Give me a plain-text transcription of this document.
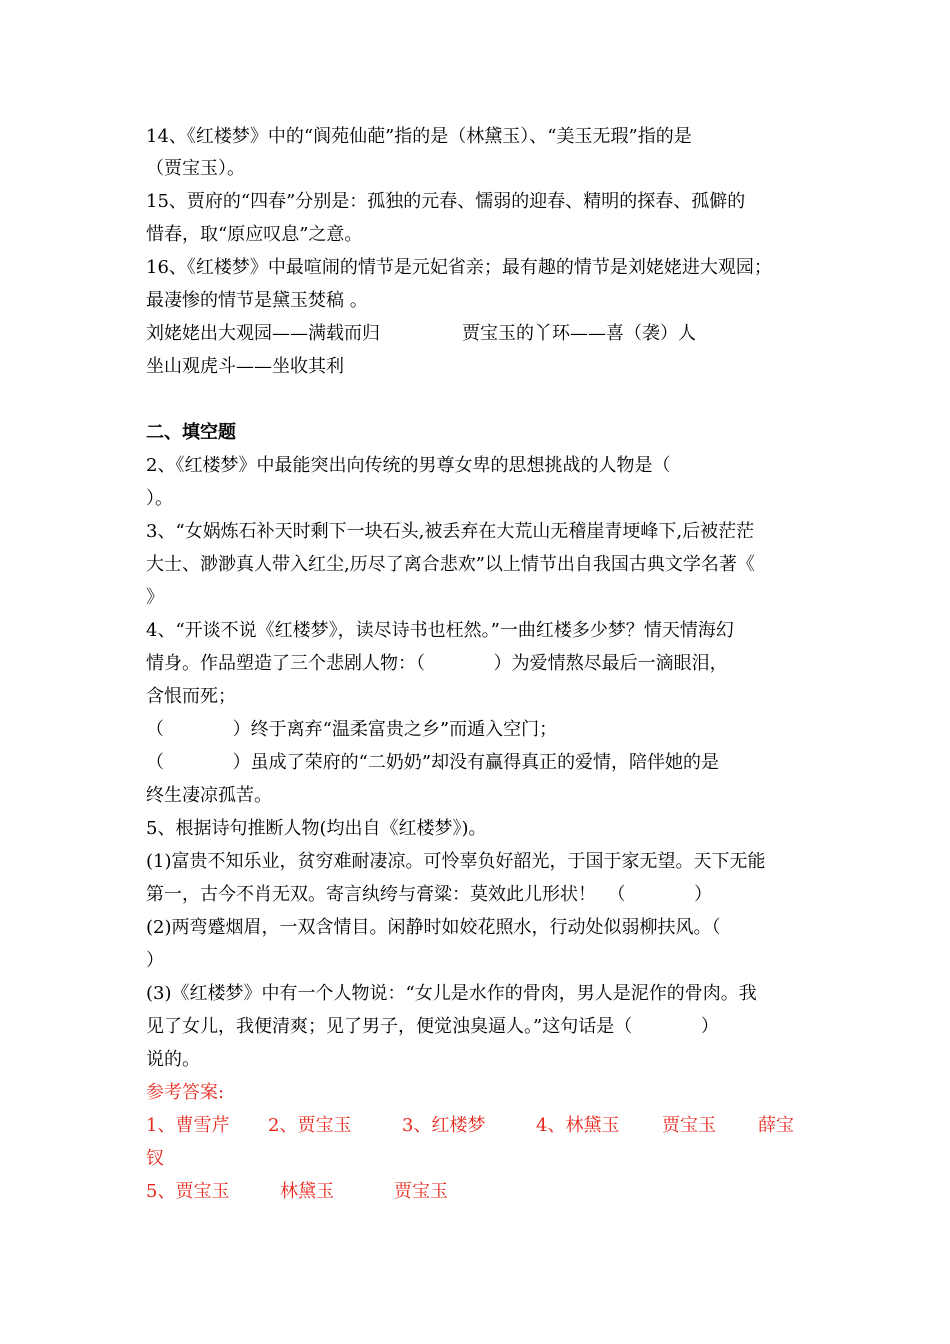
14、《红楼梦》中的“阆苑仙葩”指的是（林黛玉）、“美玉无瑕”指的是
（贾宝玉）。
15、贾府的“四春”分别是：孤独的元春、懦弱的迎春、精明的探春、孤僻的
惜春，取“原应叹息”之意。
16、《红楼梦》中最喧闹的情节是元妃省亲；最有趣的情节是刘姥姥进大观园；
最凄惨的情节是黛玉焚稿 。

刘姥姥出大观园——满载而归

	贾宝玉的丫环——喜（袭）人

坐山观虎斗——坐收其利
二、填空题
2、《红楼梦》中最能突出向传统的男尊女卑的思想挑战的人物是（
）。
3、“女娲炼石补天时剩下一块石头,被丢弃在大荒山无稽崖青埂峰下,后被茫茫
大士、渺渺真人带入红尘,历尽了离合悲欢”以上情节出自我国古典文学名著《
》
4、“开谈不说《红楼梦》，读尽诗书也枉然。”一曲红楼多少梦？情天情海幻
情身。作品塑造了三个悲剧人物：（            ）为爱情熬尽最后一滴眼泪，
含恨而死；
（            ）终于离弃“温柔富贵之乡”而遁入空门；
（            ）虽成了荣府的“二奶奶”却没有赢得真正的爱情，陪伴她的是
终生凄凉孤苦。
5、根据诗句推断人物(均出自《红楼梦》)。
(1)富贵不知乐业，贫穷难耐凄凉。可怜辜负好韶光，于国于家无望。天下无能
第一，古今不肖无双。寄言纨绔与膏粱：莫效此儿形状！  （            ）
(2)两弯蹙烟眉，一双含情目。闲静时如姣花照水，行动处似弱柳扶风。（
）
(3)《红楼梦》中有一个人物说：“女儿是水作的骨肉，男人是泥作的骨肉。我
见了女儿，我便清爽；见了男子，便觉浊臭逼人。”这句话是（            ）
说的。
参考答案:

1、曹雪芹

2、贾宝玉

	3、红楼梦

	4、林黛玉

贾宝玉

薛宝

钗

5、贾宝玉

	林黛玉

	贾宝玉
